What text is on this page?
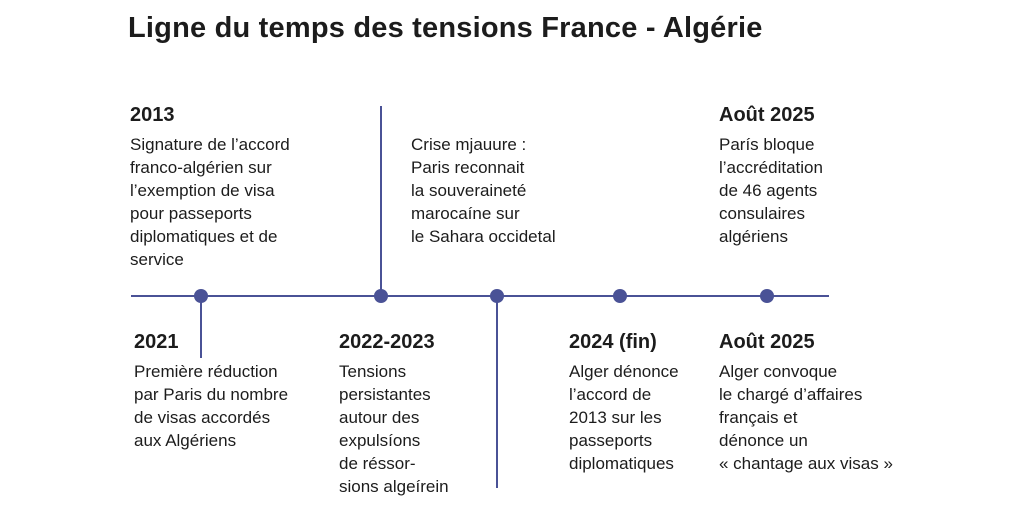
Ligne du temps des tensions France - Algérie
2013
Signature de l’accord
franco-algérien sur
l’exemption de visa
pour passeports
diplomatiques et de
service
Crise mjauure :
Paris reconnait
la souveraineté
marocaíne sur
le Sahara occidetal
Août 2025
París bloque
l’accréditation
de 46 agents
consulaires
algériens
2021
Première réduction
par Paris du nombre
de visas accordés
aux Algériens
2022-2023
Tensions
persistantes
autour des
expulsíons
de réssor-
sions algeírein
2024 (fin)
Alger dénonce
l’accord de
2013 sur les
passeports
diplomatiques
Août 2025
Alger convoque
le chargé d’affaires
français et
dénonce un
« chantage aux visas »
